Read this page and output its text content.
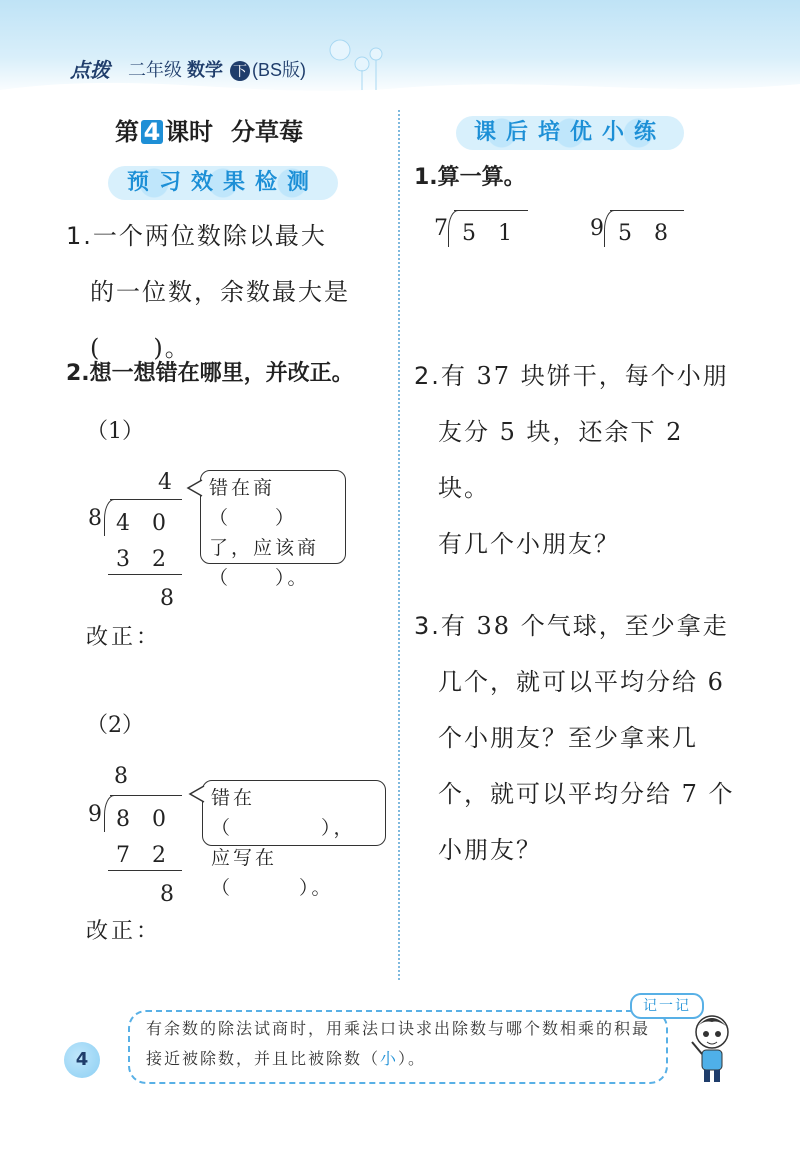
点拨 二年级 数学 下 (BS版)
第 4 课时 分草莓
预习效果检测
1.一个两位数除以最大
的一位数，余数最大是
(　　)。
2.想一想错在哪里，并改正。
（1）
4
8 4　0
3　2
8
错在商（　　）
了，应该商
（　　）。
改正：
（2）
8
9 8　0
7　2
8
错在（　　　　），
应写在（　　　）。
改正：
课后培优小练
1.算一算。
7 5　1	9 5　8
2.有 37 块饼干，每个小朋
友分 5 块，还余下 2 块。
有几个小朋友？
3.有 38 个气球，至少拿走
几个，就可以平均分给 6
个小朋友？至少拿来几
个，就可以平均分给 7 个
小朋友？
记一记
有余数的除法试商时，用乘法口诀求出除数与哪个数相乘的积最
接近被除数，并且比被除数（小）。
4
